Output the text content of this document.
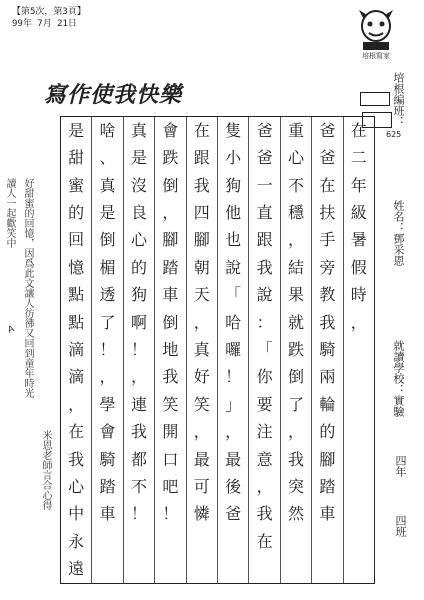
【第5次，第3頁】
99年 7月 21日
培根寫家
寫作使我快樂	培根編班：
625
姓名：鄧采恩
就讀學校：實驗
四年
四班
在
二
年
級
暑
假
時
，
爸
爸
在
扶
手
旁
教
我
騎
兩
輪
的
腳
踏
車
重
心
不
穩
，
結
果
就
跌
倒
了
，
我
突
然
爸
爸
一
直
跟
我
說
：
「
你
要
注
意
，
我
在
隻
小
狗
他
也
說
「
哈
囉
！
」
，
最
後
爸
在
跟
我
四
腳
朝
天
，
真
好
笑
，
最
可
憐
會
跌
倒
，
腳
踏
車
倒
地
我
笑
開
口
吧
！
真
是
沒
良
心
的
狗
啊
！
，
連
我
都
不
！
啥
、
真
是
倒
楣
透
了
！
，
學
會
騎
踏
車
是
甜
蜜
的
回
憶
點
點
滴
滴
，
在
我
心
中
永
遠
讀人一起歡笑中 好甜蜜的回憶，因爲此文讓人彷彿又回到童年時光
米恩老師言合心得
A
